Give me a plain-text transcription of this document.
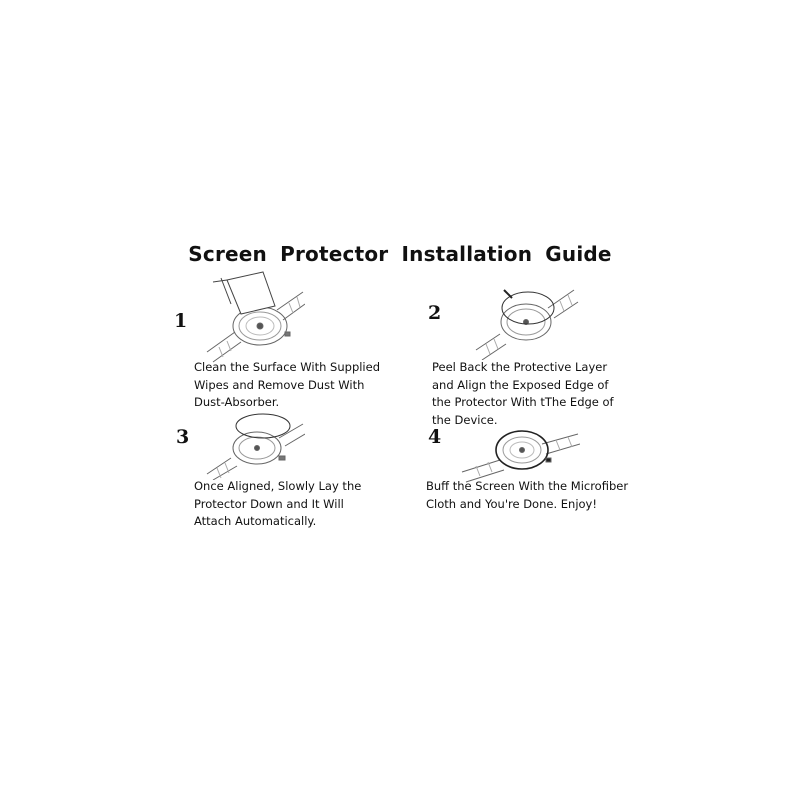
Screen Protector Installation Guide
1
Clean the Surface With Supplied
Wipes and Remove Dust With
Dust-Absorber.
2
Peel Back the Protective Layer
and Align the Exposed Edge of
the Protector With tThe Edge of
the Device.
3
Once Aligned, Slowly Lay the
Protector Down and It Will
Attach Automatically.
4
Buff the Screen With the Microfiber
Cloth and You're Done. Enjoy!
